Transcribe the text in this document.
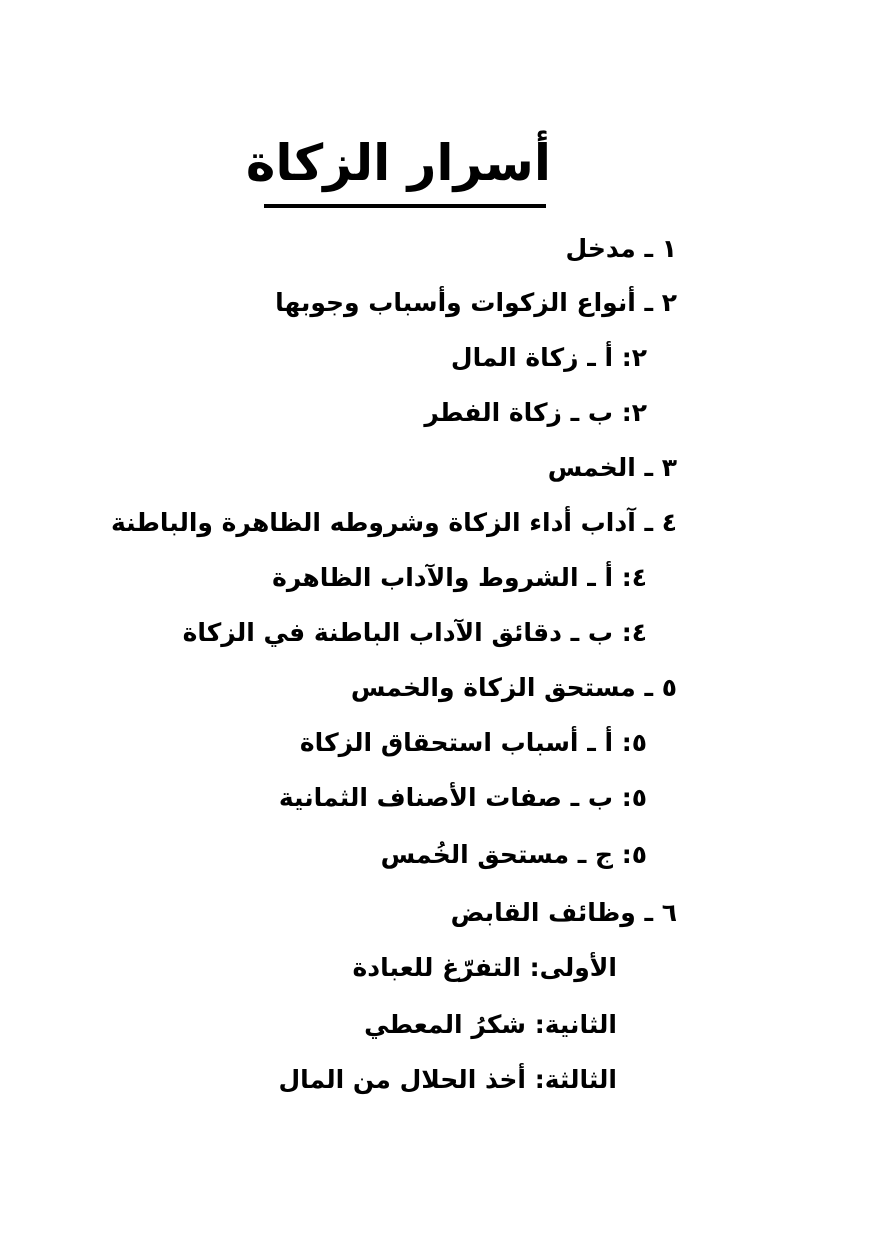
أسرار الزكاة
١ ـ مدخل
٢ ـ أنواع الزكوات وأسباب وجوبها
٢: أ ـ زكاة المال
٢: ب ـ زكاة الفطر
٣ ـ الخمس
٤ ـ آداب أداء الزكاة وشروطه الظاهرة والباطنة
٤: أ ـ الشروط والآداب الظاهرة
٤: ب ـ دقائق الآداب الباطنة في الزكاة
٥ ـ مستحق الزكاة والخمس
٥: أ ـ أسباب استحقاق الزكاة
٥: ب ـ صفات الأصناف الثمانية
٥: ج ـ مستحق الخُمس
٦ ـ وظائف القابض
الأولى: التفرّغ للعبادة
الثانية: شكرُ المعطي
الثالثة: أخذ الحلال من المال
